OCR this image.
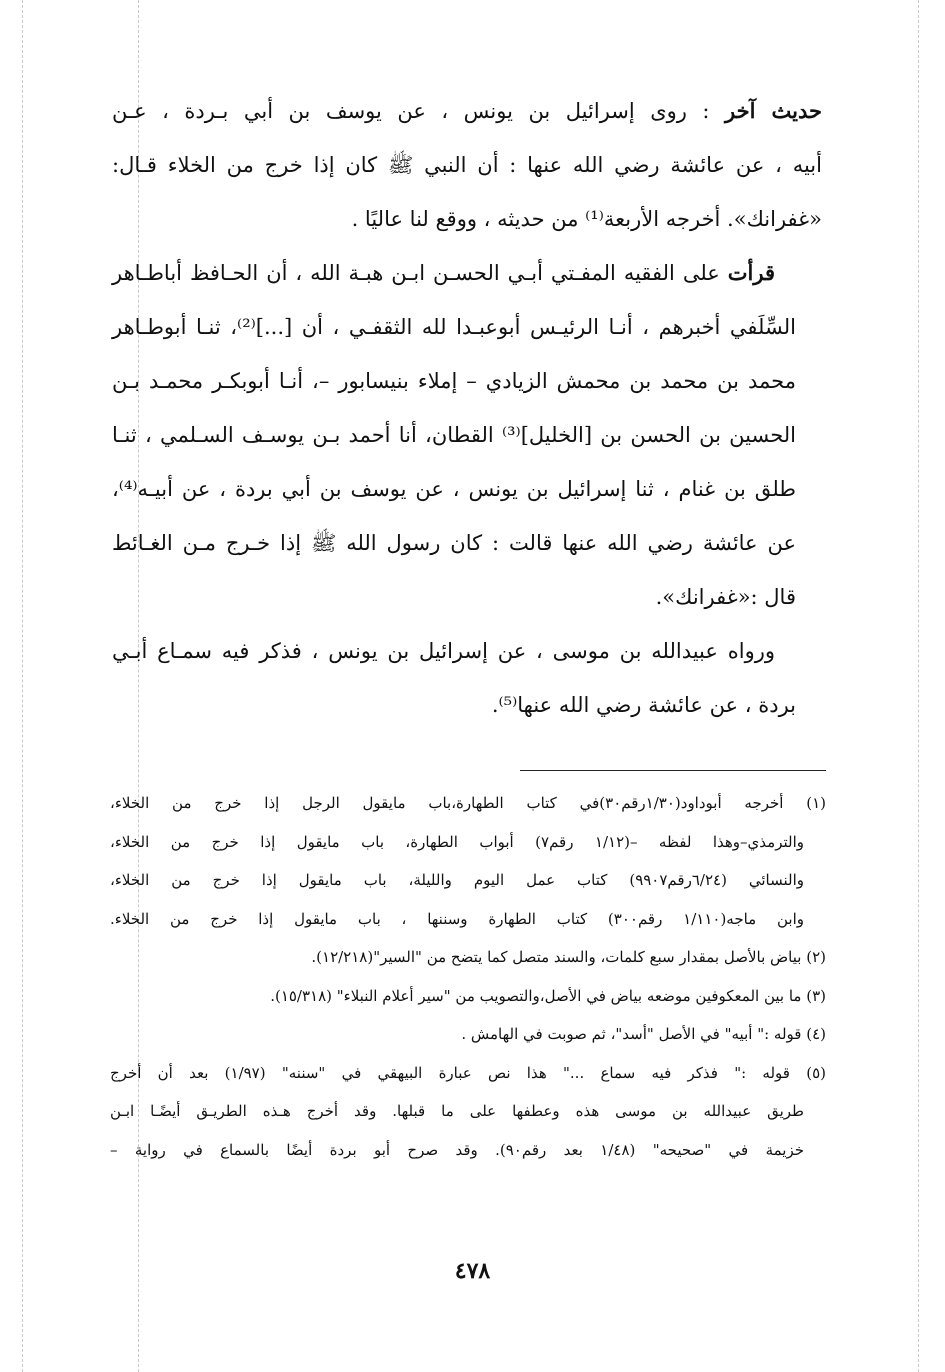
حديث آخر : روى إسرائيل بن يونس ، عن يوسف بن أبي بـردة ، عـن
أبيه ، عن عائشة رضي الله عنها : أن النبي ﷺ كان إذا خرج من الخلاء قـال:
«غفرانك». أخرجه الأربعة⁽¹⁾ من حديثه ، ووقع لنا عاليًا .

 قرأت على الفقيه المفـتي أبـي الحسـن ابـن هبـة الله ، أن الحـافظ أباطـاهر
السِّلَفي أخبرهم ، أنـا الرئيـس أبوعبـدا لله الثقفـي ، أن [...]⁽²⁾، ثنـا أبوطـاهر
محمد بن محمد بن محمش الزيادي – إملاء بنيسابور –، أنـا أبوبكـر محمـد بـن
الحسين بن الحسن بن [الخليل]⁽³⁾ القطان، أنا أحمد بـن يوسـف السـلمي ، ثنـا
طلق بن غنام ، ثنا إسرائيل بن يونس ، عن يوسف بن أبي بردة ، عن أبيـه⁽⁴⁾،
عن عائشة رضي الله عنها قالت : كان رسول الله ﷺ إذا خـرج مـن الغـائط
قال :«غفرانك».

 ورواه عبيدالله بن موسى ، عن إسرائيل بن يونس ، فذكر فيه سمـاع أبـي
بردة ، عن عائشة رضي الله عنها⁽⁵⁾.

(١) أخرجه أبوداود(١/٣٠رقم٣٠)في كتاب الطهارة،باب مايقول الرجل إذا خرج من الخلاء،
والترمذي–وهذا لفظه –(١/١٢ رقم٧) أبواب الطهارة، باب مايقول إذا خرج من الخلاء،
والنسائي (٦/٢٤رقم٩٩٠٧) كتاب عمل اليوم والليلة، باب مايقول إذا خرج من الخلاء،
وابن ماجه(١/١١٠ رقم٣٠٠) كتاب الطهارة وسننها ، باب مايقول إذا خرج من الخلاء.

(٢) بياض بالأصل بمقدار سبع كلمات، والسند متصل كما يتضح من "السير"(١٢/٢١٨).

(٣) ما بين المعكوفين موضعه بياض في الأصل،والتصويب من "سير أعلام النبلاء" (١٥/٣١٨).

(٤) قوله :" أبيه" في الأصل "أسد"، ثم صوبت في الهامش .

(٥) قوله :" فذكر فيه سماع ..." هذا نص عبارة البيهقي في "سننه" (١/٩٧) بعد أن أخرج
طريق عبيدالله بن موسى هذه وعطفها على ما قبلها. وقد أخرج هـذه الطريـق أيضًـا ابـن
خزيمة في "صحيحه" (١/٤٨ بعد رقم٩٠). وقد صرح أبو بردة أيضًا بالسماع في رواية –

٤٧٨
